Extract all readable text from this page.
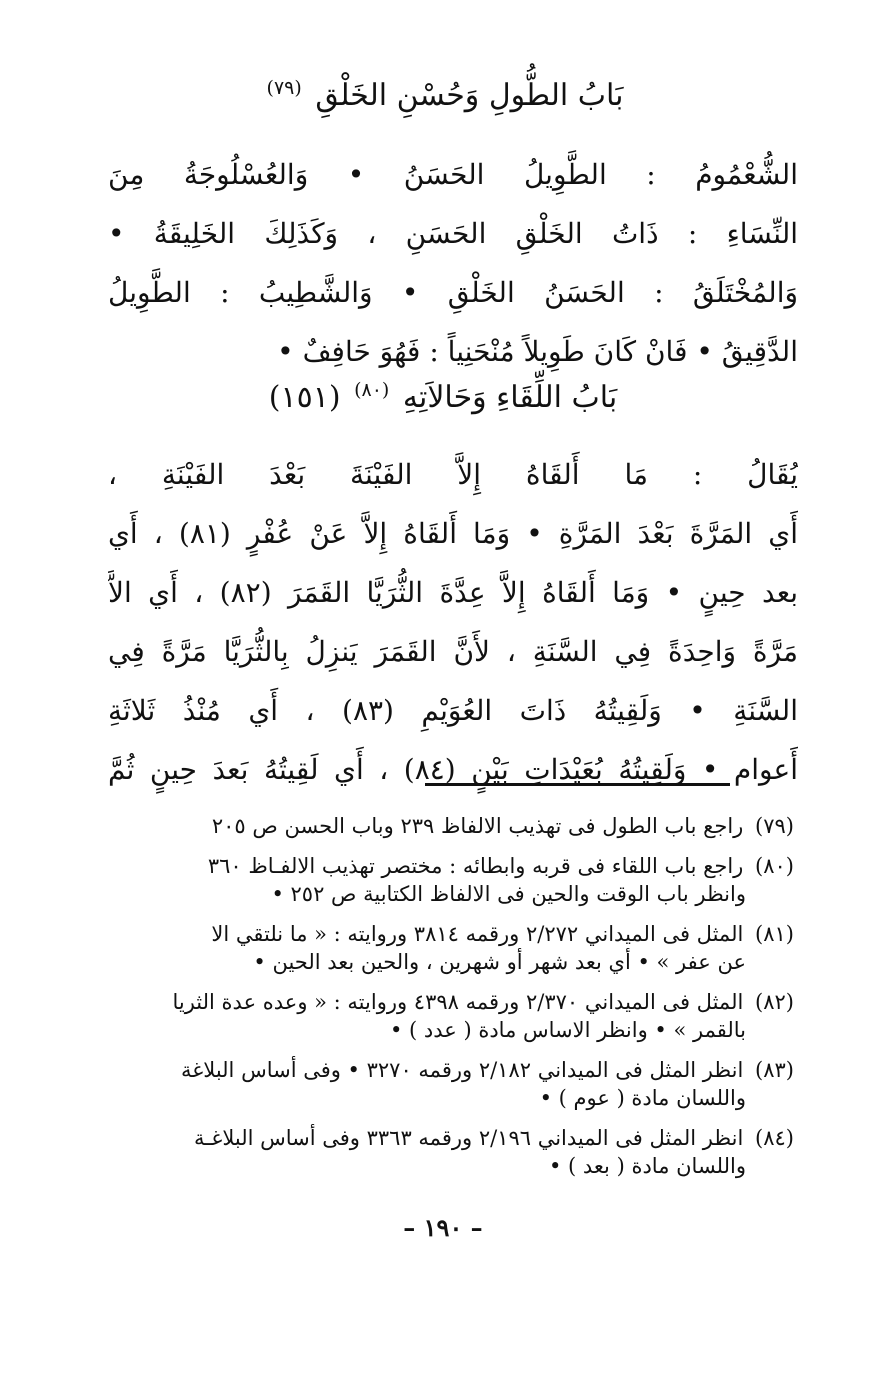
بَابُ الطُّولِ وَحُسْنِ الخَلْقِ $^{(٧٩)}$
الشُّعْمُومُ : الطَّوِيلُ الحَسَنُ • وَالعُسْلُوجَةُ مِنَ
النِّسَاءِ : ذَاتُ الخَلْقِ الحَسَنِ ، وَكَذَلِكَ الخَلِيقَةُ •
وَالمُخْتَلَقُ : الحَسَنُ الخَلْقِ • وَالشَّطِيبُ : الطَّوِيلُ
الدَّقِيقُ • فَانْ كَانَ طَوِيلاً مُنْحَنِياً : فَهُوَ حَافِفٌ •
بَابُ اللِّقَاءِ وَحَالاَتِهِ $^{(٨٠)}$ (١٥١)
يُقَالُ : مَا أَلقَاهُ إِلاَّ الفَيْنَةَ بَعْدَ الفَيْنَةِ ،
أَي المَرَّةَ بَعْدَ المَرَّةِ • وَمَا أَلقَاهُ إِلاَّ عَنْ عُفْرٍ (٨١) ، أَي
بعد حِينٍ • وَمَا أَلقَاهُ إِلاَّ عِدَّةَ الثُّرَيَّا القَمَرَ (٨٢) ، أَي الاَّ
مَرَّةً وَاحِدَةً فِي السَّنَةِ ، لأَنَّ القَمَرَ يَنزِلُ بِالثُّرَيَّا مَرَّةً فِي
السَّنَةِ • وَلَقِيتُهُ ذَاتَ العُوَيْمِ (٨٣) ، أَي مُنْذُ ثَلاثَةِ
أَعوام • وَلَقِيتُهُ بُعَيْدَاتِ بَيْنٍ (٨٤) ، أَي لَقِيتُهُ بَعدَ حِينٍ ثُمَّ
(٧٩) راجع باب الطول فى تهذيب الالفاظ ٢٣٩ وباب الحسن ص ٢٠٥
(٨٠) راجع باب اللقاء فى قربه وابطائه : مختصر تهذيب الالفـاظ ٣٦٠
وانظر باب الوقت والحين فى الالفاظ الكتابية ص ٢٥٢ •
(٨١) المثل فى الميداني ٢/٢٧٢ ورقمه ٣٨١٤ وروايته : « ما نلتقي الا
عن عفر » • أي بعد شهر أو شهرين ، والحين بعد الحين •
(٨٢) المثل فى الميداني ٢/٣٧٠ ورقمه ٤٣٩٨ وروايته : « وعده عدة الثريا
بالقمر » • وانظر الاساس مادة ( عدد ) •
(٨٣) انظر المثل فى الميداني ٢/١٨٢ ورقمه ٣٢٧٠ • وفى أساس البلاغة
واللسان مادة ( عوم ) •
(٨٤) انظر المثل فى الميداني ٢/١٩٦ ورقمه ٣٣٦٣ وفى أساس البلاغـة
واللسان مادة ( بعد ) •
– ١٩٠ –
